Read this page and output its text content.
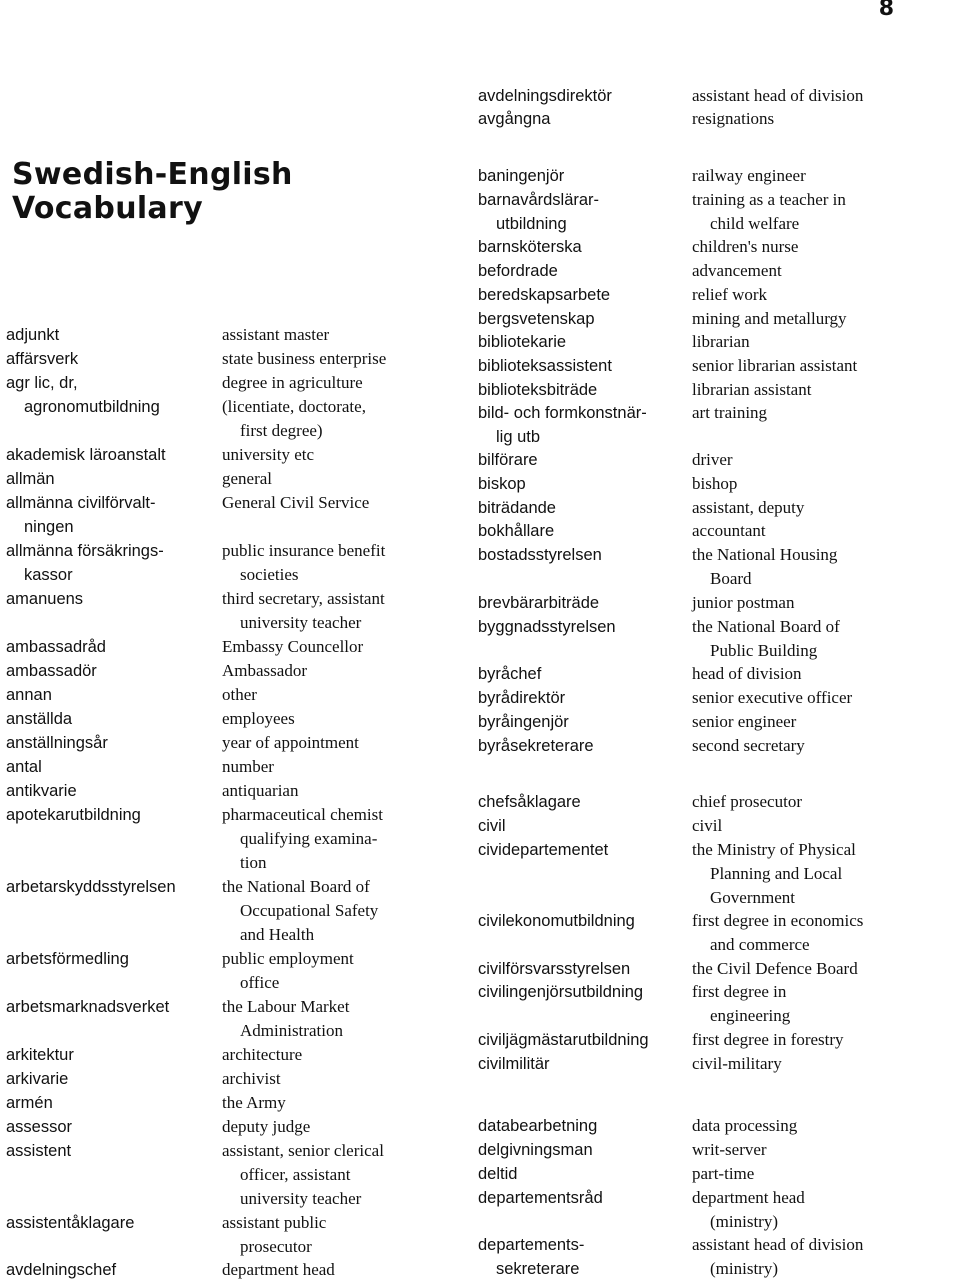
8
Swedish-English
Vocabulary
adjunkt
affärsverk
agr lic, dr,
agronomutbildning
akademisk läroanstalt
allmän
allmänna civilförvalt-
ningen
allmänna försäkrings-
kassor
amanuens
ambassadråd
ambassadör
annan
anställda
anställningsår
antal
antikvarie
apotekarutbildning
arbetarskyddsstyrelsen
arbetsförmedling
arbetsmarknadsverket
arkitektur
arkivarie
armén
assessor
assistent
assistentåklagare
avdelningschef
assistant master
state business enterprise
degree in agriculture
(licentiate, doctorate,
first degree)
university etc
general
General Civil Service
public insurance benefit
societies
third secretary, assistant
university teacher
Embassy Councellor
Ambassador
other
employees
year of appointment
number
antiquarian
pharmaceutical chemist
qualifying examina-
tion
the National Board of
Occupational Safety
and Health
public employment
office
the Labour Market
Administration
architecture
archivist
the Army
deputy judge
assistant, senior clerical
officer, assistant
university teacher
assistant public
prosecutor
department head
avdelningsdirektör
avgångna
baningenjör
barnavårdslärar-
utbildning
barnsköterska
befordrade
beredskapsarbete
bergsvetenskap
bibliotekarie
biblioteksassistent
biblioteksbiträde
bild- och formkonstnär-
lig utb
bilförare
biskop
biträdande
bokhållare
bostadsstyrelsen
brevbärarbiträde
byggnadsstyrelsen
byråchef
byrådirektör
byråingenjör
byråsekreterare
chefsåklagare
civil
cividepartementet
civilekonomutbildning
civilförsvarsstyrelsen
civilingenjörsutbildning
civiljägmästarutbildning
civilmilitär
databearbetning
delgivningsman
deltid
departementsråd
departements-
sekreterare
assistant head of division
resignations
railway engineer
training as a teacher in
child welfare
children's nurse
advancement
relief work
mining and metallurgy
librarian
senior librarian assistant
librarian assistant
art training
driver
bishop
assistant, deputy
accountant
the National Housing
Board
junior postman
the National Board of
Public Building
head of division
senior executive officer
senior engineer
second secretary
chief prosecutor
civil
the Ministry of Physical
Planning and Local
Government
first degree in economics
and commerce
the Civil Defence Board
first degree in
engineering
first degree in forestry
civil-military
data processing
writ-server
part-time
department head
(ministry)
assistant head of division
(ministry)
